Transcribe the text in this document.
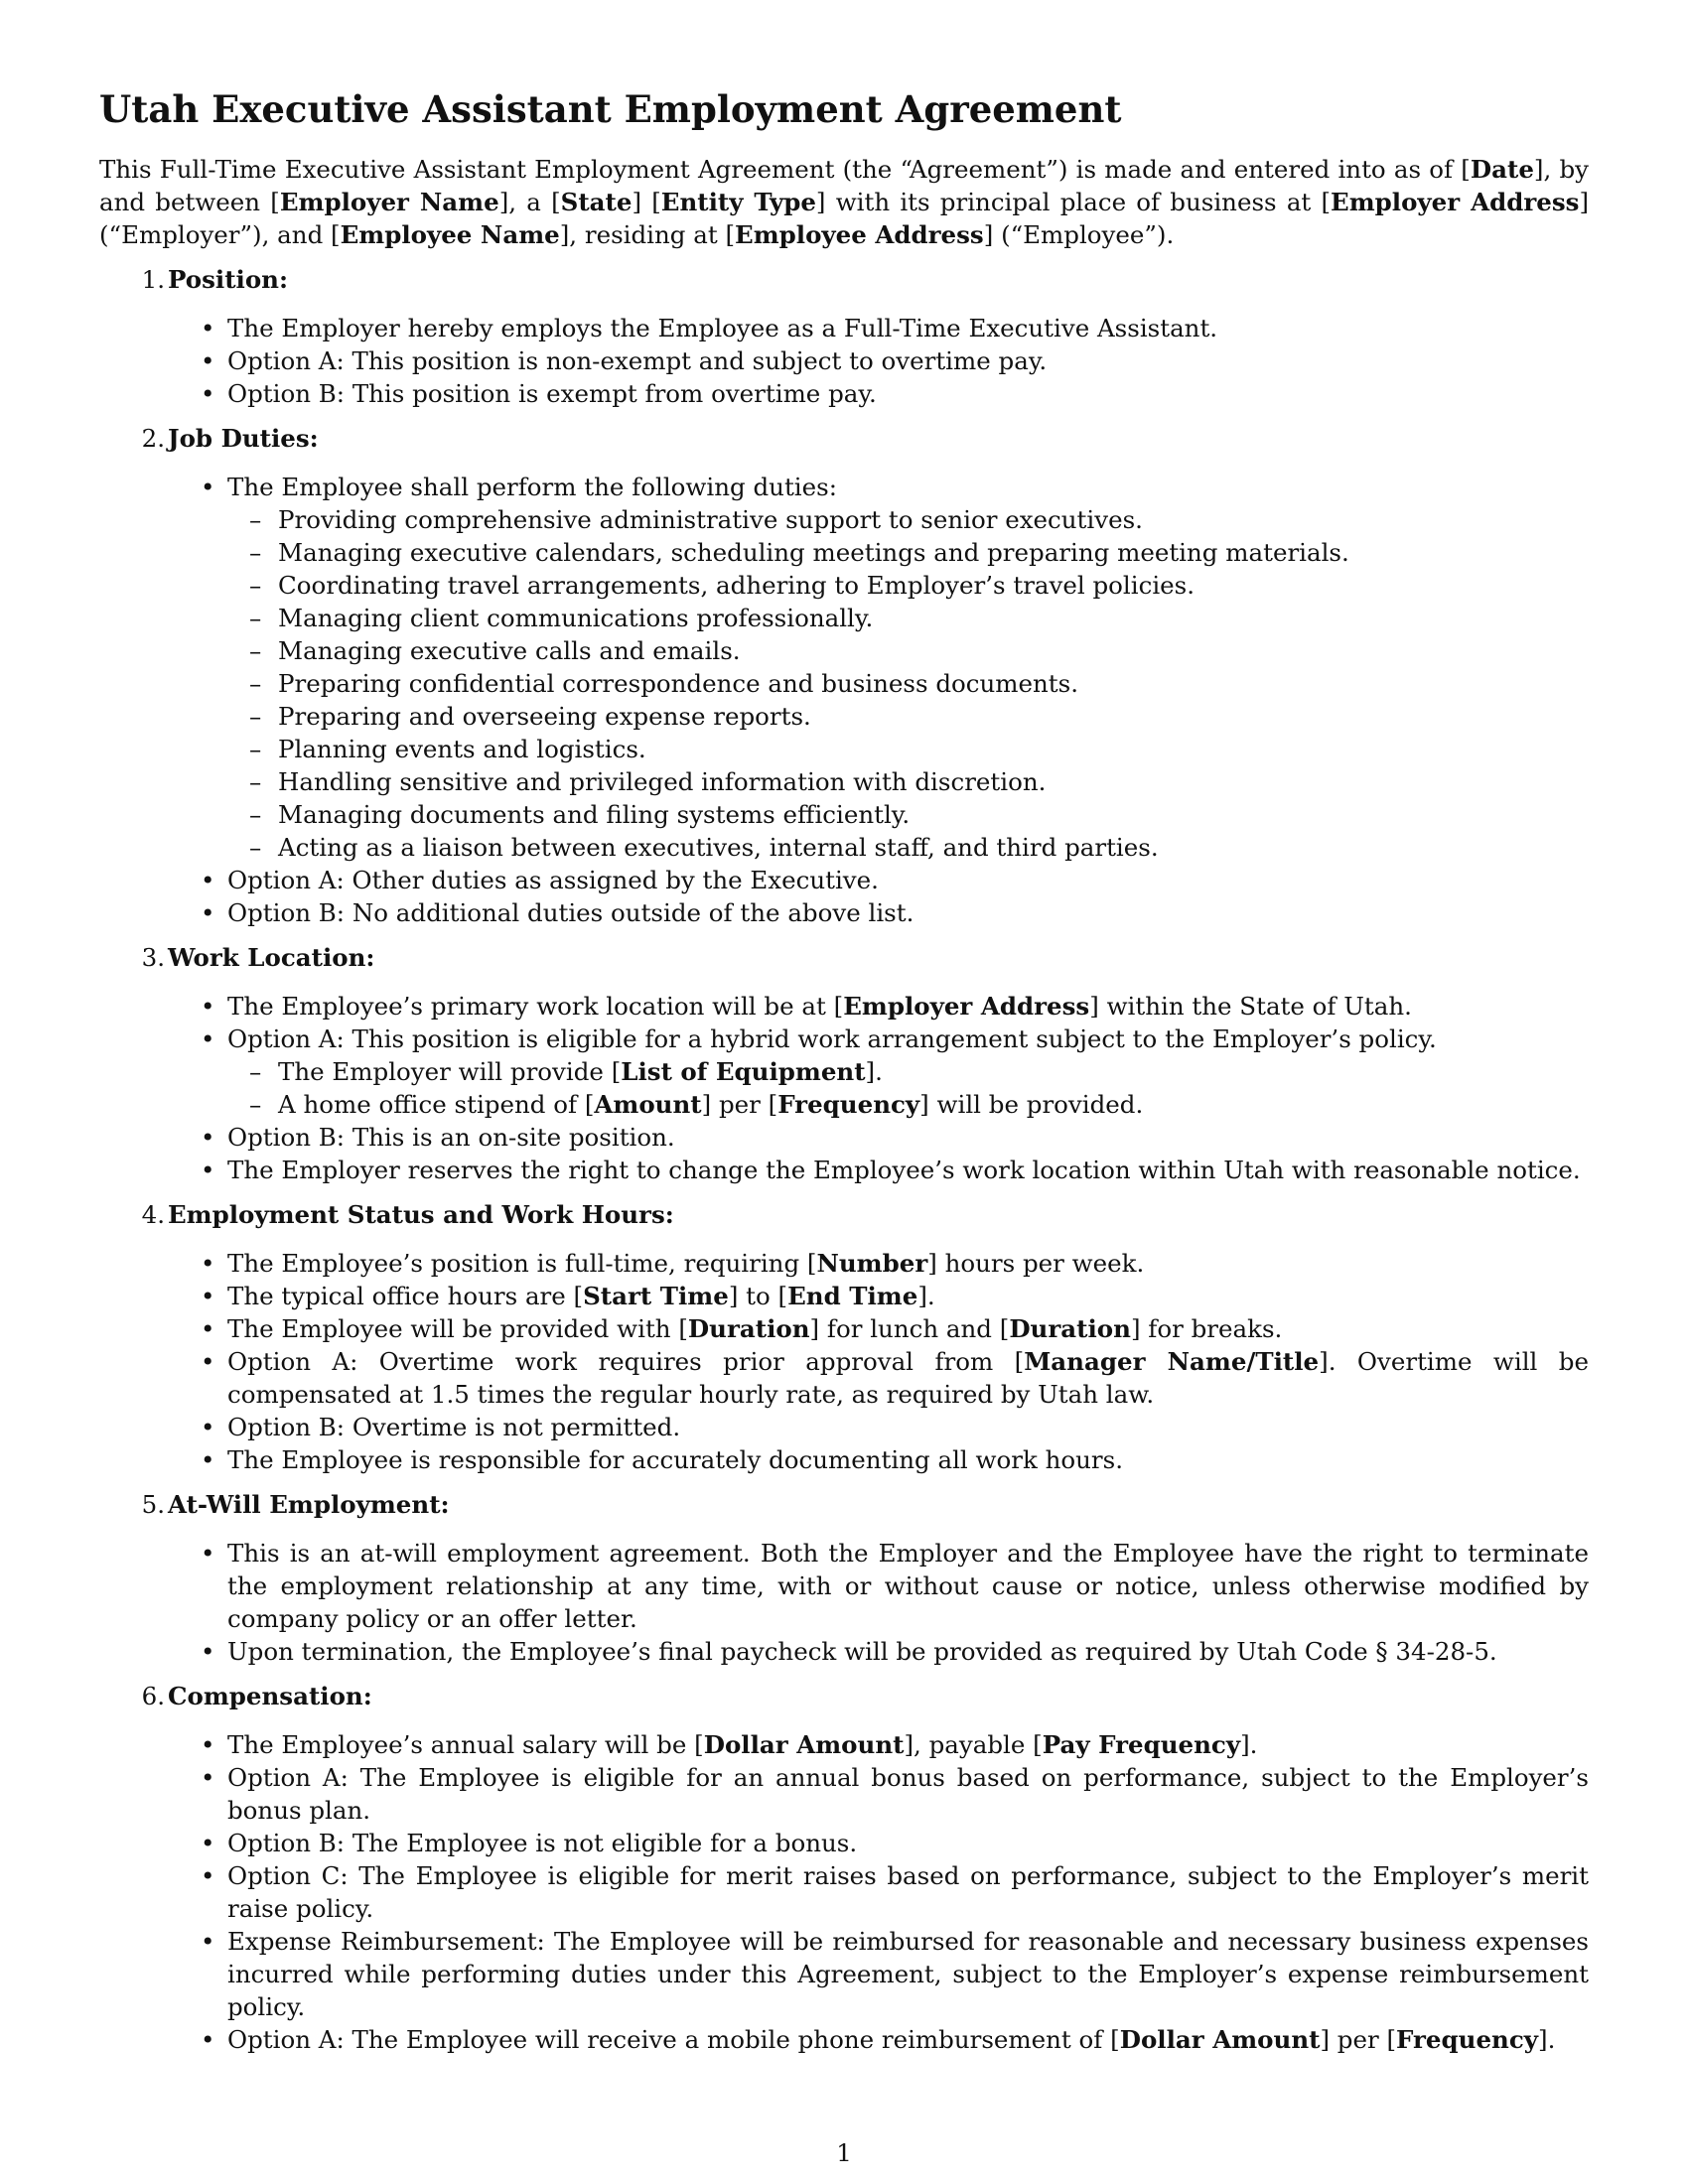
Utah Executive Assistant Employment Agreement

This Full-Time Executive Assistant Employment Agreement (the “Agreement”) is made and entered into as of [Date], by and between [Employer Name], a [State] [Entity Type] with its principal place of business at [Employer Address] (“Employer”), and [Employee Name], residing at [Employee Address] (“Employee”).

1. Position:
• The Employer hereby employs the Employee as a Full-Time Executive Assistant.
• Option A: This position is non-exempt and subject to overtime pay.
• Option B: This position is exempt from overtime pay.
2. Job Duties:
• The Employee shall perform the following duties:
– Providing comprehensive administrative support to senior executives.
– Managing executive calendars, scheduling meetings and preparing meeting materials.
– Coordinating travel arrangements, adhering to Employer’s travel policies.
– Managing client communications professionally.
– Managing executive calls and emails.
– Preparing confidential correspondence and business documents.
– Preparing and overseeing expense reports.
– Planning events and logistics.
– Handling sensitive and privileged information with discretion.
– Managing documents and filing systems efficiently.
– Acting as a liaison between executives, internal staff, and third parties.
• Option A: Other duties as assigned by the Executive.
• Option B: No additional duties outside of the above list.
3. Work Location:
• The Employee’s primary work location will be at [Employer Address] within the State of Utah.
• Option A: This position is eligible for a hybrid work arrangement subject to the Employer’s policy.
– The Employer will provide [List of Equipment].
– A home office stipend of [Amount] per [Frequency] will be provided.
• Option B: This is an on-site position.
• The Employer reserves the right to change the Employee’s work location within Utah with reasonable notice.
4. Employment Status and Work Hours:
• The Employee’s position is full-time, requiring [Number] hours per week.
• The typical office hours are [Start Time] to [End Time].
• The Employee will be provided with [Duration] for lunch and [Duration] for breaks.
• Option A: Overtime work requires prior approval from [Manager Name/Title]. Overtime will be compensated at 1.5 times the regular hourly rate, as required by Utah law.
• Option B: Overtime is not permitted.
• The Employee is responsible for accurately documenting all work hours.
5. At-Will Employment:
• This is an at-will employment agreement. Both the Employer and the Employee have the right to terminate the employment relationship at any time, with or without cause or notice, unless otherwise modified by company policy or an offer letter.
• Upon termination, the Employee’s final paycheck will be provided as required by Utah Code § 34-28-5.
6. Compensation:
• The Employee’s annual salary will be [Dollar Amount], payable [Pay Frequency].
• Option A: The Employee is eligible for an annual bonus based on performance, subject to the Employer’s bonus plan.
• Option B: The Employee is not eligible for a bonus.
• Option C: The Employee is eligible for merit raises based on performance, subject to the Employer’s merit raise policy.
• Expense Reimbursement: The Employee will be reimbursed for reasonable and necessary business expenses incurred while performing duties under this Agreement, subject to the Employer’s expense reimbursement policy.
• Option A: The Employee will receive a mobile phone reimbursement of [Dollar Amount] per [Frequency].
1
